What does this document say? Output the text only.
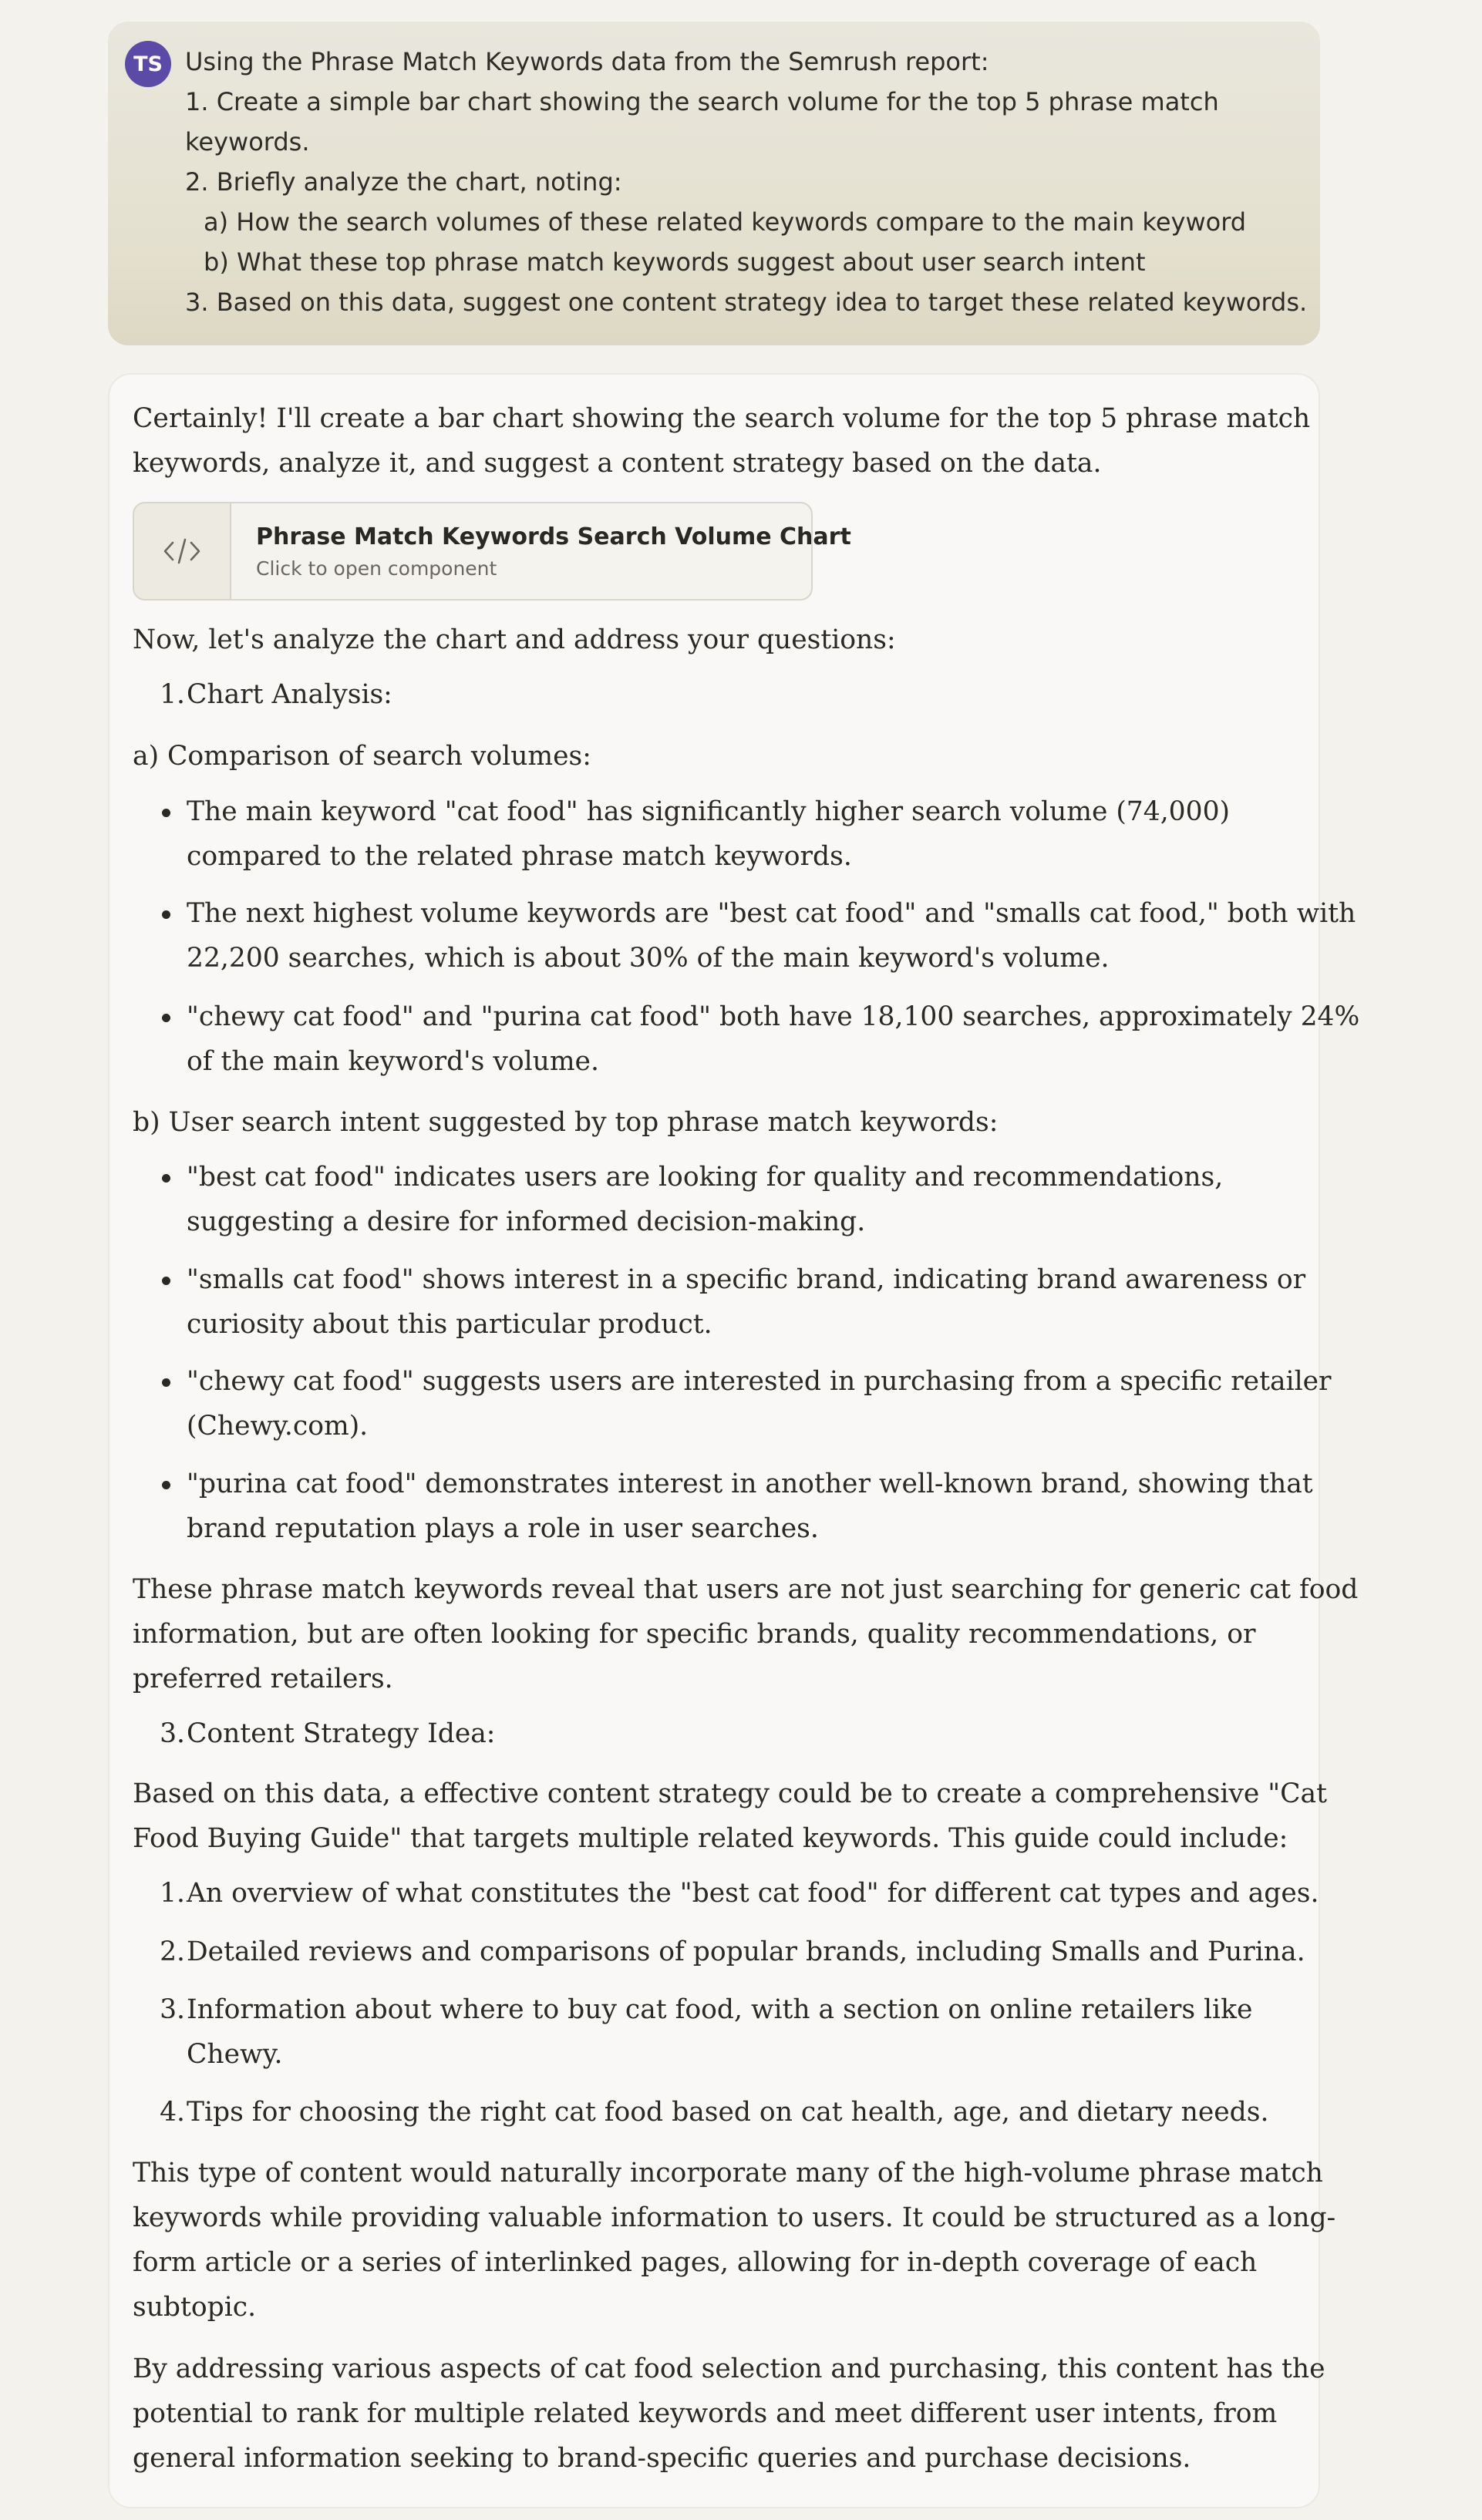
TS Using the Phrase Match Keywords data from the Semrush report:
1. Create a simple bar chart showing the search volume for the top 5 phrase match
keywords.
2. Briefly analyze the chart, noting:
a) How the search volumes of these related keywords compare to the main keyword
b) What these top phrase match keywords suggest about user search intent
3. Based on this data, suggest one content strategy idea to target these related keywords.
Certainly! I'll create a bar chart showing the search volume for the top 5 phrase match
keywords, analyze it, and suggest a content strategy based on the data.
Phrase Match Keywords Search Volume Chart
Click to open component
Now, let's analyze the chart and address your questions:
1. Chart Analysis:
a) Comparison of search volumes:
The main keyword "cat food" has significantly higher search volume (74,000)
compared to the related phrase match keywords.
The next highest volume keywords are "best cat food" and "smalls cat food," both with
22,200 searches, which is about 30% of the main keyword's volume.
"chewy cat food" and "purina cat food" both have 18,100 searches, approximately 24%
of the main keyword's volume.
b) User search intent suggested by top phrase match keywords:
"best cat food" indicates users are looking for quality and recommendations,
suggesting a desire for informed decision-making.
"smalls cat food" shows interest in a specific brand, indicating brand awareness or
curiosity about this particular product.
"chewy cat food" suggests users are interested in purchasing from a specific retailer
(Chewy.com).
"purina cat food" demonstrates interest in another well-known brand, showing that
brand reputation plays a role in user searches.
These phrase match keywords reveal that users are not just searching for generic cat food
information, but are often looking for specific brands, quality recommendations, or
preferred retailers.
3. Content Strategy Idea:
Based on this data, a effective content strategy could be to create a comprehensive "Cat
Food Buying Guide" that targets multiple related keywords. This guide could include:
1. An overview of what constitutes the "best cat food" for different cat types and ages.
2. Detailed reviews and comparisons of popular brands, including Smalls and Purina.
3. Information about where to buy cat food, with a section on online retailers like
Chewy.
4. Tips for choosing the right cat food based on cat health, age, and dietary needs.
This type of content would naturally incorporate many of the high-volume phrase match
keywords while providing valuable information to users. It could be structured as a long-
form article or a series of interlinked pages, allowing for in-depth coverage of each
subtopic.
By addressing various aspects of cat food selection and purchasing, this content has the
potential to rank for multiple related keywords and meet different user intents, from
general information seeking to brand-specific queries and purchase decisions.
